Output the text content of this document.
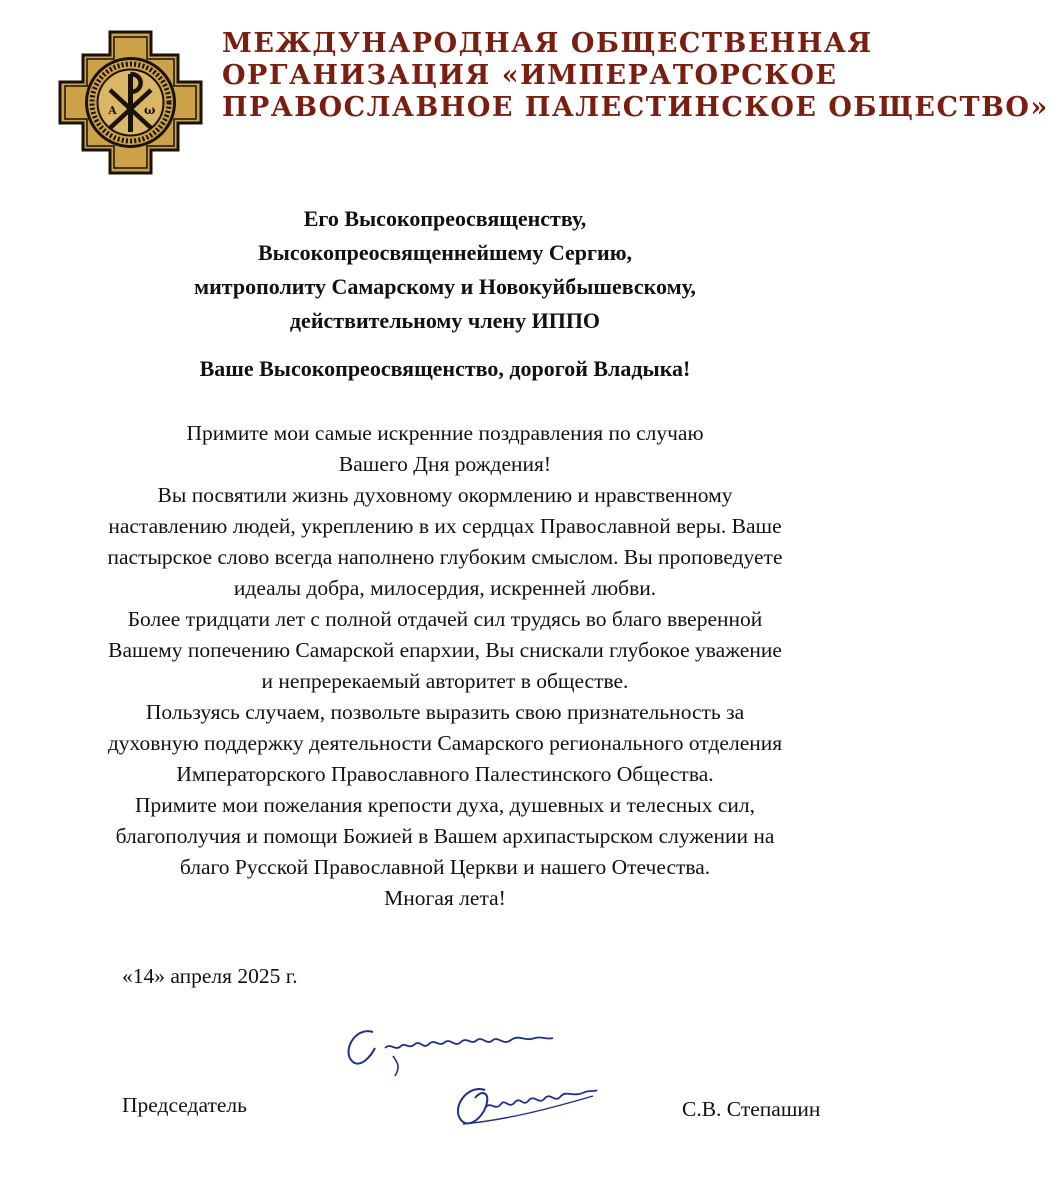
А ω
МЕЖДУНАРОДНАЯ ОБЩЕСТВЕННАЯ
ОРГАНИЗАЦИЯ «ИМПЕРАТОРСКОЕ
ПРАВОСЛАВНОЕ ПАЛЕСТИНСКОЕ ОБЩЕСТВО»
Его Высокопреосвященству,
Высокопреосвященнейшему Сергию,
митрополиту Самарскому и Новокуйбышевскому,
действительному члену ИППО
Ваше Высокопреосвященство, дорогой Владыка!
Примите мои самые искренние поздравления по случаю
Вашего Дня рождения!
Вы посвятили жизнь духовному окормлению и нравственному
наставлению людей, укреплению в их сердцах Православной веры. Ваше
пастырское слово всегда наполнено глубоким смыслом. Вы проповедуете
идеалы добра, милосердия, искренней любви.
Более тридцати лет с полной отдачей сил трудясь во благо вверенной
Вашему попечению Самарской епархии, Вы снискали глубокое уважение
и непререкаемый авторитет в обществе.
Пользуясь случаем, позвольте выразить свою признательность за
духовную поддержку деятельности Самарского регионального отделения
Императорского Православного Палестинского Общества.
Примите мои пожелания крепости духа, душевных и телесных сил,
благополучия и помощи Божией в Вашем архипастырском служении на
благо Русской Православной Церкви и нашего Отечества.
Многая лета!
«14» апреля 2025 г.
Председатель	С.В. Степашин
